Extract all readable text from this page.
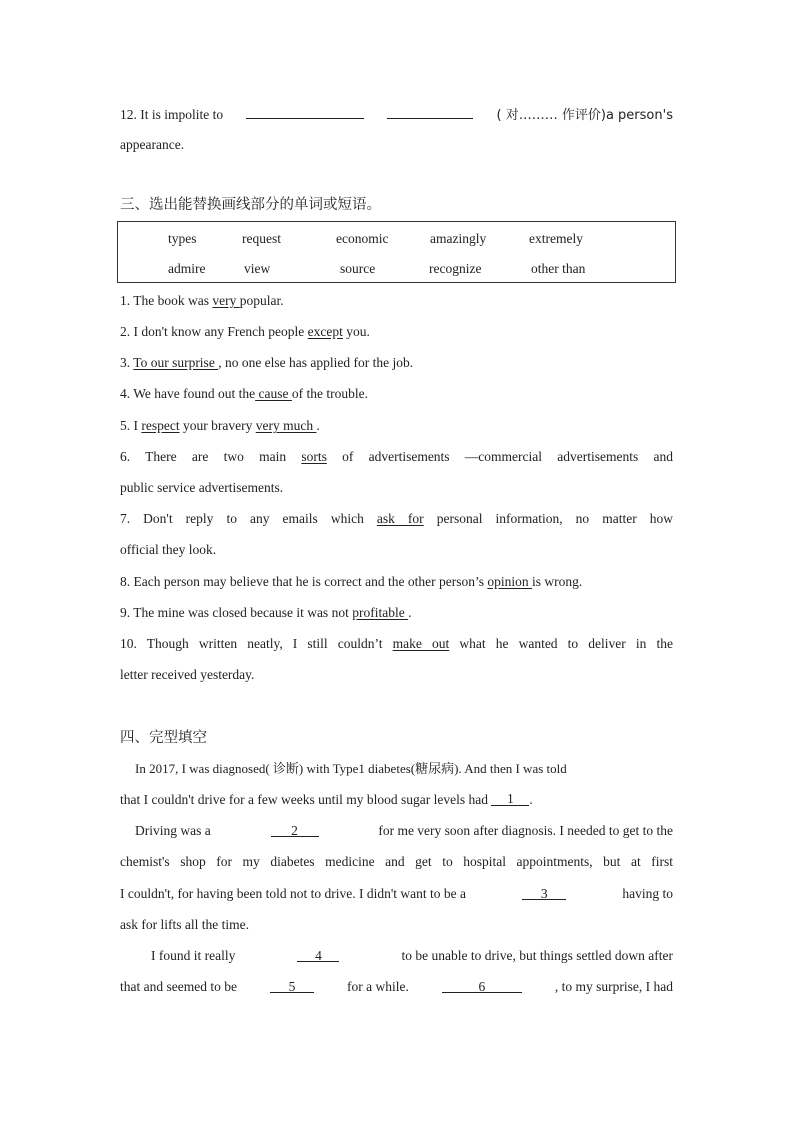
12. It is impolite to	( 对……… 作评价)a person's
appearance.
三、选出能替换画线部分的单词或短语。
types	request	economic	amazingly	extremely
admire	view	source	recognize	other than
1. The book was very popular.
2. I don't know any French people except you.
3. To our surprise , no one else has applied for the job.
4. We have found out the cause of the trouble.
5. I respect your bravery very much .
6. There are two main sorts of advertisements —commercial advertisements and
public service advertisements.
7. Don't reply to any emails which ask for personal information, no matter how
official they look.
8. Each person may believe that he is correct and the other person’s opinion is wrong.
9. The mine was closed because it was not profitable .
10. Though written neatly, I still couldn’t make out what he wanted to deliver in the
letter received yesterday.
四、完型填空
In 2017, I was diagnosed( 诊断) with Type1 diabetes(糖尿病). And then I was told
that I couldn't drive for a few weeks until my blood sugar levels had 1 .
Driving was a	2	for me very soon after diagnosis. I needed to get to the
chemist's shop for my diabetes medicine and get to hospital appointments, but at first
I couldn't, for having been told not to drive. I didn't want to be a	3	having to
ask for lifts all the time.
I found it really	4	to be unable to drive, but things settled down after
that and seemed to be	5	for a while.	6	, to my surprise, I had
